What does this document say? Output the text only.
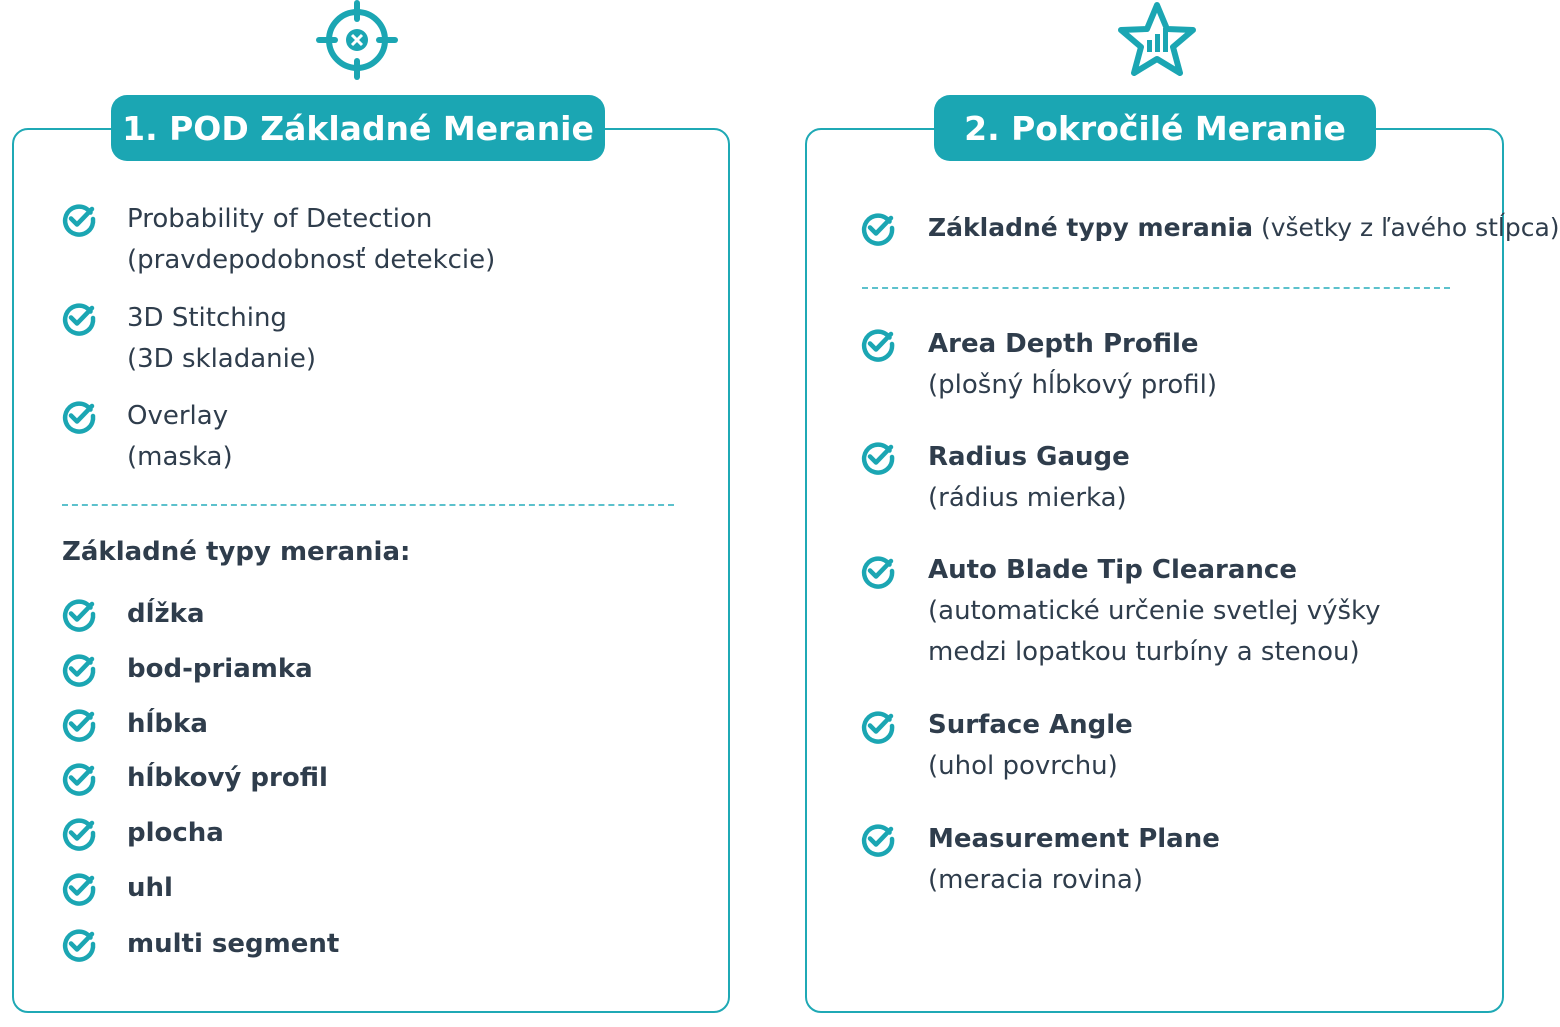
1. POD Základné Meranie
Probability of Detection
(pravdepodobnosť detekcie)
3D Stitching
(3D skladanie)
Overlay
(maska)
Základné typy merania:
dĺžka
bod-priamka
hĺbka
hĺbkový profil
plocha
uhl
multi segment
2. Pokročilé Meranie
Základné typy merania (všetky z ľavého stĺpca)
Area Depth Profile
(plošný hĺbkový profil)
Radius Gauge
(rádius mierka)
Auto Blade Tip Clearance
(automatické určenie svetlej výšky
medzi lopatkou turbíny a stenou)
Surface Angle
(uhol povrchu)
Measurement Plane
(meracia rovina)
